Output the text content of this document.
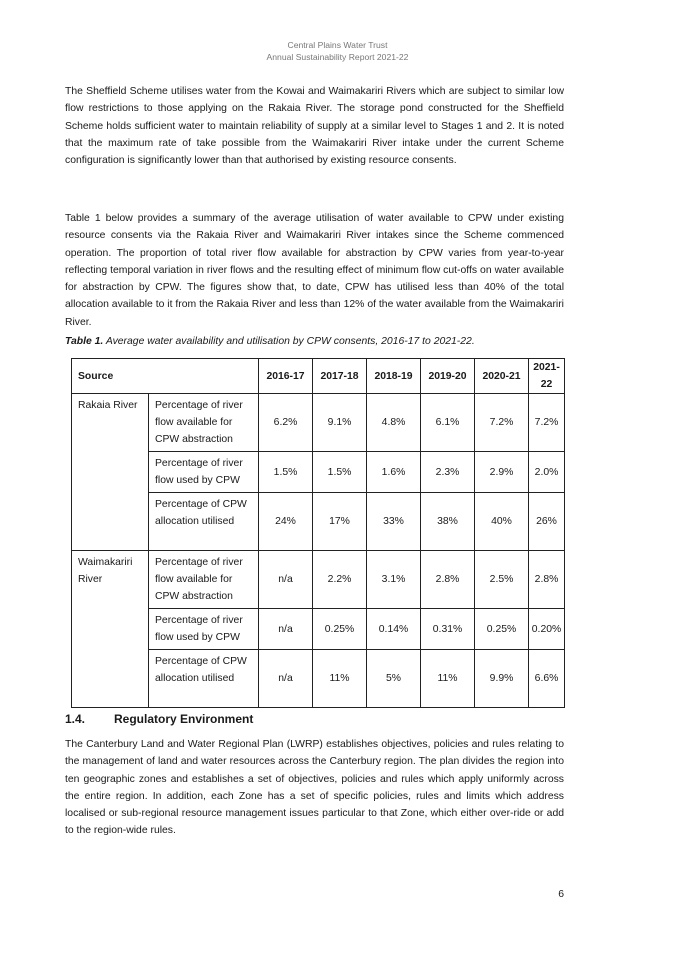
Central Plains Water Trust
Annual Sustainability Report 2021-22

The Sheffield Scheme utilises water from the Kowai and Waimakariri Rivers which are subject to similar low flow restrictions to those applying on the Rakaia River. The storage pond constructed for the Sheffield Scheme holds sufficient water to maintain reliability of supply at a similar level to Stages 1 and 2. It is noted that the maximum rate of take possible from the Waimakariri River intake under the current Scheme configuration is significantly lower than that authorised by existing resource consents.

Table 1 below provides a summary of the average utilisation of water available to CPW under existing resource consents via the Rakaia River and Waimakariri River intakes since the Scheme commenced operation. The proportion of total river flow available for abstraction by CPW varies from year-to-year reflecting temporal variation in river flows and the resulting effect of minimum flow cut-offs on water available for abstraction by CPW. The figures show that, to date, CPW has utilised less than 40% of the total allocation available to it from the Rakaia River and less than 12% of the water available from the Waimakariri River.

Table 1. Average water availability and utilisation by CPW consents, 2016-17 to 2021-22.

Source		2016-17	2017-18	2018-19	2019-20	2020-21	2021-22
Rakaia River	Percentage of river flow available for CPW abstraction	6.2%	9.1%	4.8%	6.1%	7.2%	7.2%
	Percentage of river flow used by CPW	1.5%	1.5%	1.6%	2.3%	2.9%	2.0%
	Percentage of CPW allocation utilised	24%	17%	33%	38%	40%	26%
Waimakariri River	Percentage of river flow available for CPW abstraction	n/a	2.2%	3.1%	2.8%	2.5%	2.8%
	Percentage of river flow used by CPW	n/a	0.25%	0.14%	0.31%	0.25%	0.20%
	Percentage of CPW allocation utilised	n/a	11%	5%	11%	9.9%	6.6%
1.4. Regulatory Environment

The Canterbury Land and Water Regional Plan (LWRP) establishes objectives, policies and rules relating to the management of land and water resources across the Canterbury region. The plan divides the region into ten geographic zones and establishes a set of objectives, policies and rules which apply uniformly across the entire region. In addition, each Zone has a set of specific policies, rules and limits which address localised or sub-regional resource management issues particular to that Zone, which either over-ride or add to the region-wide rules.

6
